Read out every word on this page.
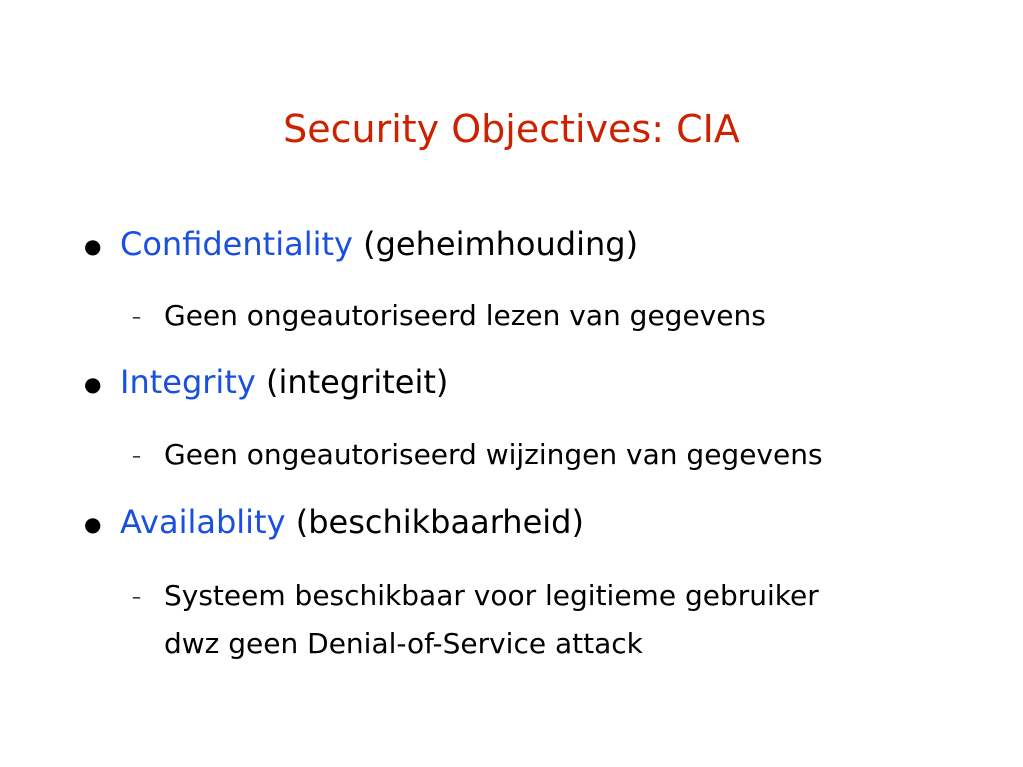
Security Objectives: CIA
● Confidentiality (geheimhouding)
– Geen ongeautoriseerd lezen van gegevens
● Integrity (integriteit)
– Geen ongeautoriseerd wijzingen van gegevens
● Availablity (beschikbaarheid)
– Systeem beschikbaar voor legitieme gebruiker
dwz geen Denial-of-Service attack
